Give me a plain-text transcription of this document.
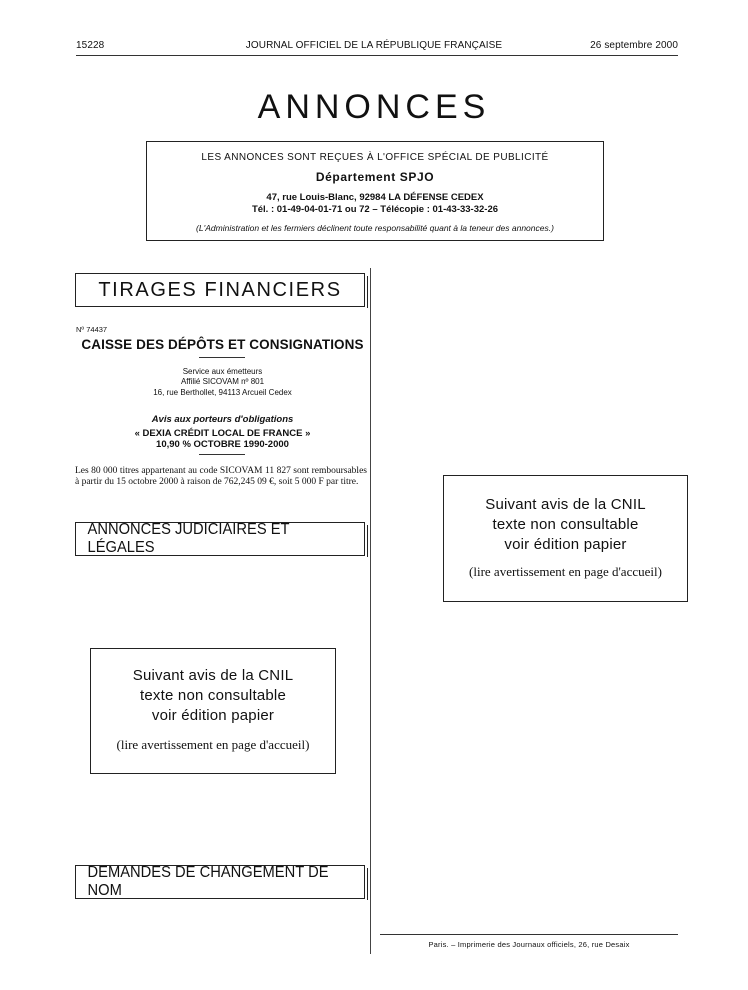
15228	JOURNAL OFFICIEL DE LA RÉPUBLIQUE FRANÇAISE	26 septembre 2000
ANNONCES
LES ANNONCES SONT REÇUES À L'OFFICE SPÉCIAL DE PUBLICITÉ
Département SPJO
47, rue Louis-Blanc, 92984 LA DÉFENSE CEDEX
Tél. : 01-49-04-01-71 ou 72 – Télécopie : 01-43-33-32-26
(L'Administration et les fermiers déclinent toute responsabilité quant à la teneur des annonces.)
TIRAGES FINANCIERS
Nº 74437
CAISSE DES DÉPÔTS ET CONSIGNATIONS
Service aux émetteurs
Affilié SICOVAM nº 801
16, rue Berthollet, 94113 Arcueil Cedex
Avis aux porteurs d'obligations
« DEXIA CRÉDIT LOCAL DE FRANCE »
10,90 % OCTOBRE 1990-2000
Les 80 000 titres appartenant au code SICOVAM 11 827 sont remboursables à partir du 15 octobre 2000 à raison de 762,245 09 €, soit 5 000 F par titre.
ANNONCES JUDICIAIRES ET LÉGALES
Suivant avis de la CNIL
texte non consultable
voir édition papier
(lire avertissement en page d'accueil)
Suivant avis de la CNIL
texte non consultable
voir édition papier
(lire avertissement en page d'accueil)
DEMANDES DE CHANGEMENT DE NOM
Paris. – Imprimerie des Journaux officiels, 26, rue Desaix
